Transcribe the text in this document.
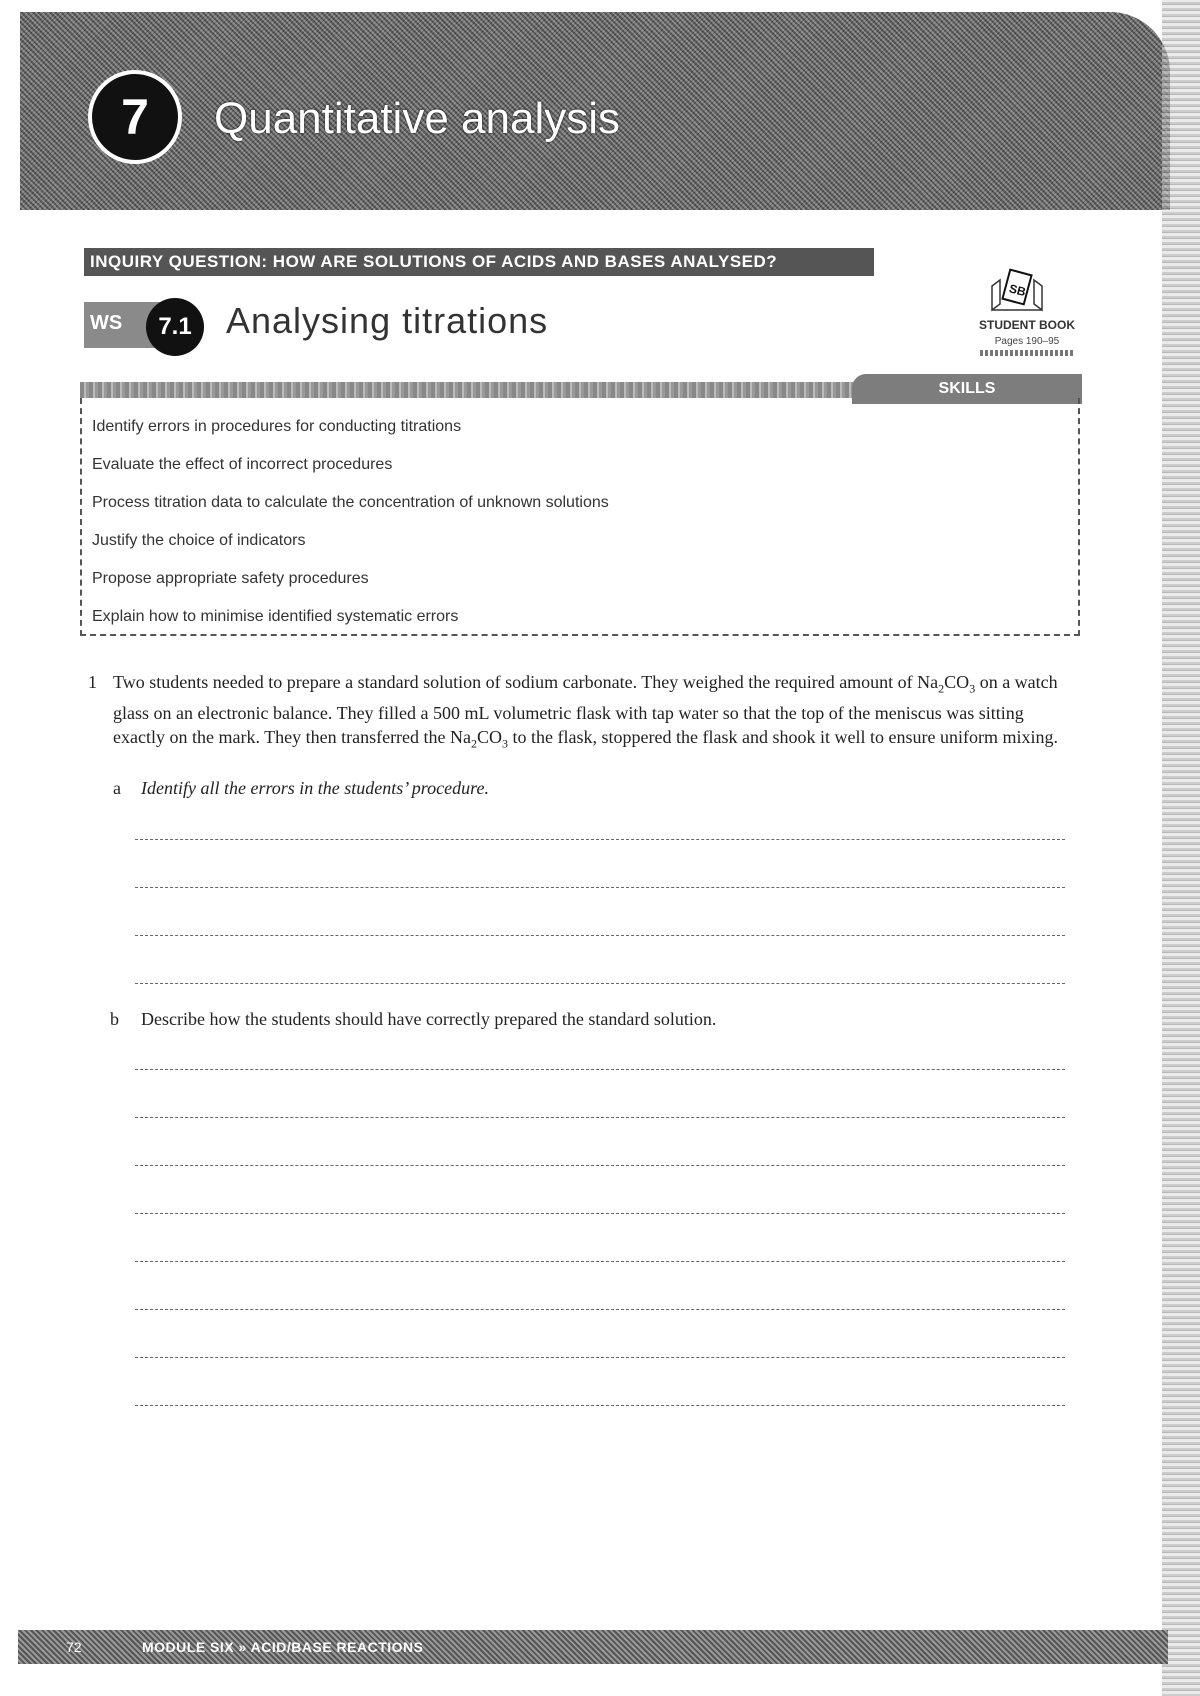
7	Quantitative analysis
INQUIRY QUESTION: HOW ARE SOLUTIONS OF ACIDS AND BASES ANALYSED?
WS	7.1 Analysing titrations
SB
STUDENT BOOK
Pages 190–95
SKILLS
Identify errors in procedures for conducting titrations
Evaluate the effect of incorrect procedures
Process titration data to calculate the concentration of unknown solutions
Justify the choice of indicators
Propose appropriate safety procedures
Explain how to minimise identified systematic errors
1 Two students needed to prepare a standard solution of sodium carbonate. They weighed the required amount of $Na_2CO_3$ on a watch glass on an electronic balance. They filled a 500 mL volumetric flask with tap water so that the top of the meniscus was sitting exactly on the mark. They then transferred the $Na_2CO_3$ to the flask, stoppered the flask and shook it well to ensure uniform mixing.
a Identify all the errors in the students’ procedure.
b Describe how the students should have correctly prepared the standard solution.
72	MODULE SIX » ACID/BASE REACTIONS
